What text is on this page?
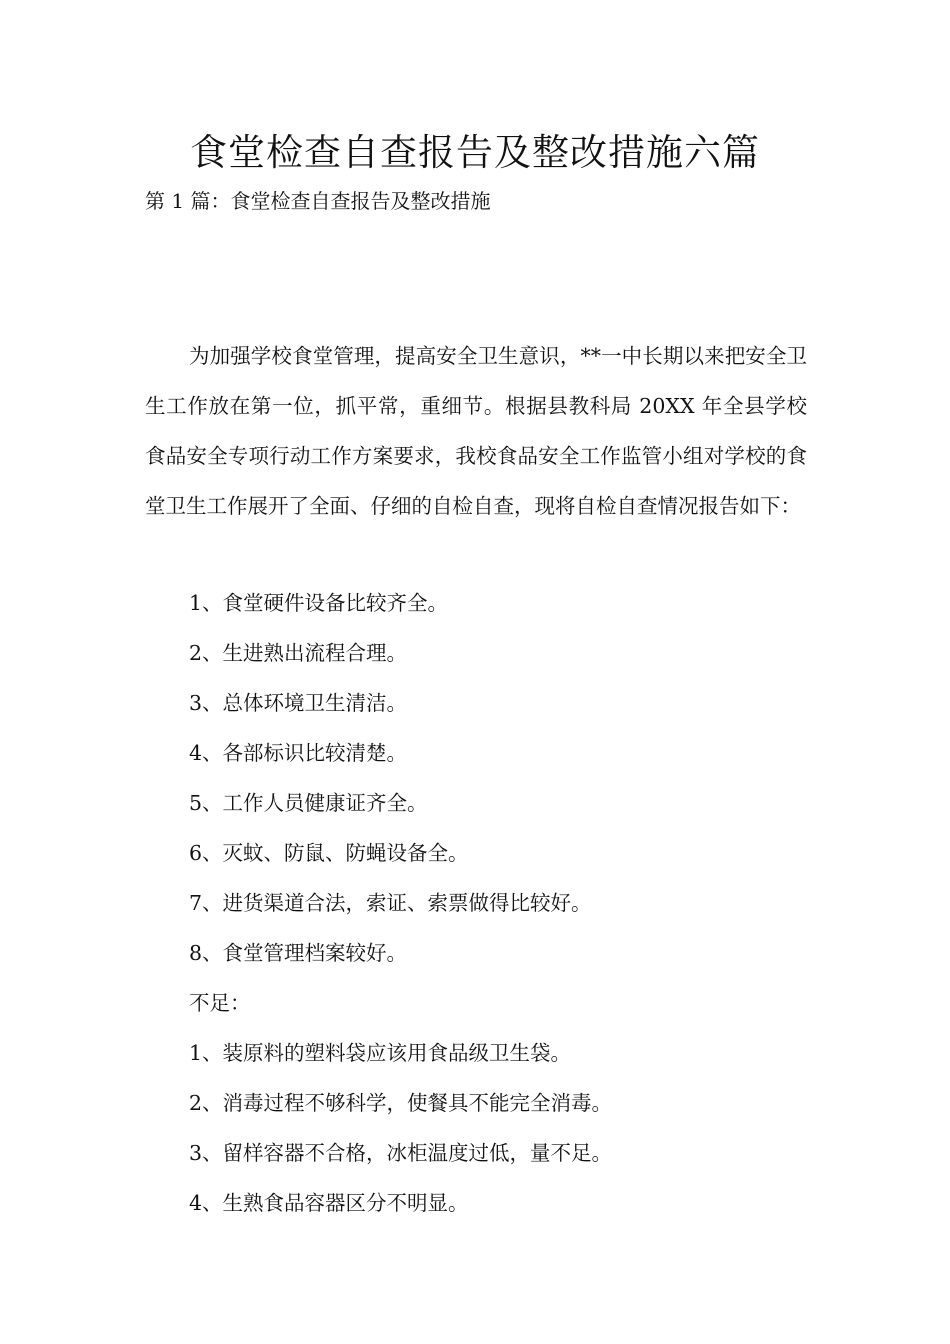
食堂检查自查报告及整改措施六篇

第 1 篇：食堂检查自查报告及整改措施

为加强学校食堂管理，提高安全卫生意识，**一中长期以来把安全卫生工作放在第一位，抓平常，重细节。根据县教科局 20XX 年全县学校食品安全专项行动工作方案要求，我校食品安全工作监管小组对学校的食堂卫生工作展开了全面、仔细的自检自查，现将自检自查情况报告如下：

1、食堂硬件设备比较齐全。
2、生进熟出流程合理。
3、总体环境卫生清洁。
4、各部标识比较清楚。
5、工作人员健康证齐全。
6、灭蚊、防鼠、防蝇设备全。
7、进货渠道合法，索证、索票做得比较好。
8、食堂管理档案较好。
不足：
1、装原料的塑料袋应该用食品级卫生袋。
2、消毒过程不够科学，使餐具不能完全消毒。
3、留样容器不合格，冰柜温度过低，量不足。
4、生熟食品容器区分不明显。
